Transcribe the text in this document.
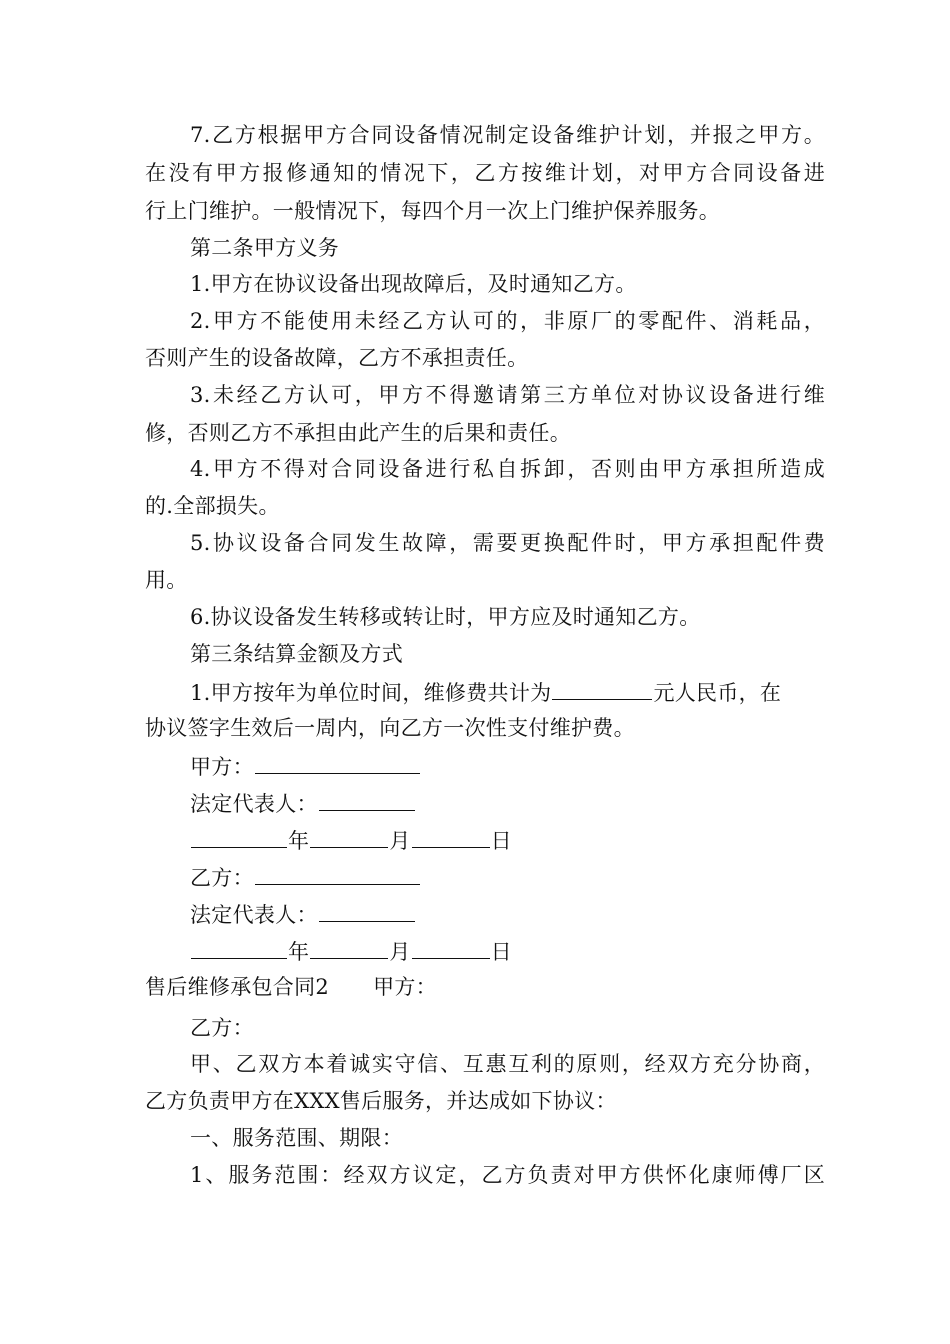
7.乙方根据甲方合同设备情况制定设备维护计划，并报之甲方。
在没有甲方报修通知的情况下，乙方按维计划，对甲方合同设备进
行上门维护。一般情况下，每四个月一次上门维护保养服务。
第二条甲方义务
1.甲方在协议设备出现故障后，及时通知乙方。
2.甲方不能使用未经乙方认可的，非原厂的零配件、消耗品，
否则产生的设备故障，乙方不承担责任。
3.未经乙方认可，甲方不得邀请第三方单位对协议设备进行维
修，否则乙方不承担由此产生的后果和责任。
4.甲方不得对合同设备进行私自拆卸，否则由甲方承担所造成
的.全部损失。
5.协议设备合同发生故障，需要更换配件时，甲方承担配件费
用。
6.协议设备发生转移或转让时，甲方应及时通知乙方。
第三条结算金额及方式
1.甲方按年为单位时间，维修费共计为	元人民币，在
协议签字生效后一周内，向乙方一次性支付维护费。
甲方：
法定代表人：
年	月	日
乙方：
法定代表人：
年	月	日
售后维修承包合同2 甲方：
乙方：
甲、乙双方本着诚实守信、互惠互利的原则，经双方充分协商，
乙方负责甲方在XXX售后服务，并达成如下协议：
一、服务范围、期限：
1、服务范围：经双方议定，乙方负责对甲方供怀化康师傅厂区
